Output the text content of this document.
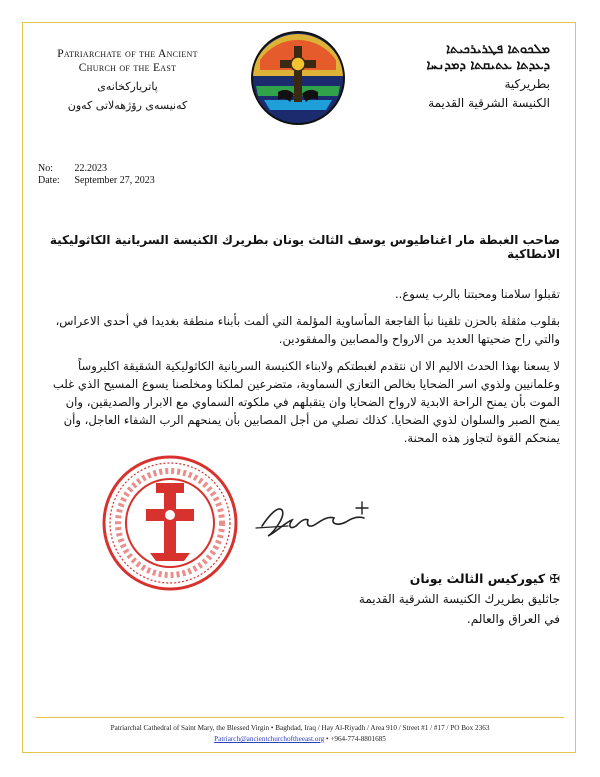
Patriarchate of the Ancient
Church of the East
پاتریارکخانەی
کەنیسەی رۆژهەلاتی کەون
ܡܠܟܘܬܐ ܦܛܪܝܪܟܝܬܐ
ܕܥܕܬܐ ܥܬܝܩܬܐ ܕܡܕܢܚܐ
بطريركية
الكنيسة الشرقية القديمة
No: 22.2023
Date: September 27, 2023
صاحب الغبطة مار اغناطيوس يوسف الثالث يونان بطريرك الكنيسة السريانية الكاثوليكية الانطاكية

تقبلوا سلامنا ومحبتنا بالرب يسوع..

بقلوب مثقلة بالحزن تلقينا نبأ الفاجعة المأساوية المؤلمة التي ألمت بأبناء منطقة بغديدا في أحدى الاعراس، والتي راح ضحيتها العديد من الارواح والمصابين والمفقودين.

لا يسعنا بهذا الحدث الاليم الا ان نتقدم لغبطتكم ولابناء الكنيسة السريانية الكاثوليكية الشقيقة اكليروساً وعلمانيين ولذوي اسر الضحايا بخالص التعازي السماوية، متضرعين لملكنا ومخلصنا يسوع المسيح الذي غلب الموت بأن يمنح الراحة الابدية لارواح الضحايا وان يتقبلهم في ملكوته السماوي مع الابرار والصديقين، وان يمنح الصبر والسلوان لذوي الضحايا. كذلك نصلي من أجل المصابين بأن يمنحهم الرب الشفاء العاجل، وأن يمنحكم القوة لتجاوز هذه المحنة.

✠ كيوركيس الثالث يونان
جاثليق بطريرك الكنيسة الشرقية القديمة
في العراق والعالم.
Patriarchal Cathedral of Saint Mary, the Blessed Virgin • Baghdad, Iraq / Hay Al-Riyadh / Area 910 / Street #1 / #17 / PO Box 2363
Patriarch@ancientchurchoftheeast.org • +964-774-8801685
